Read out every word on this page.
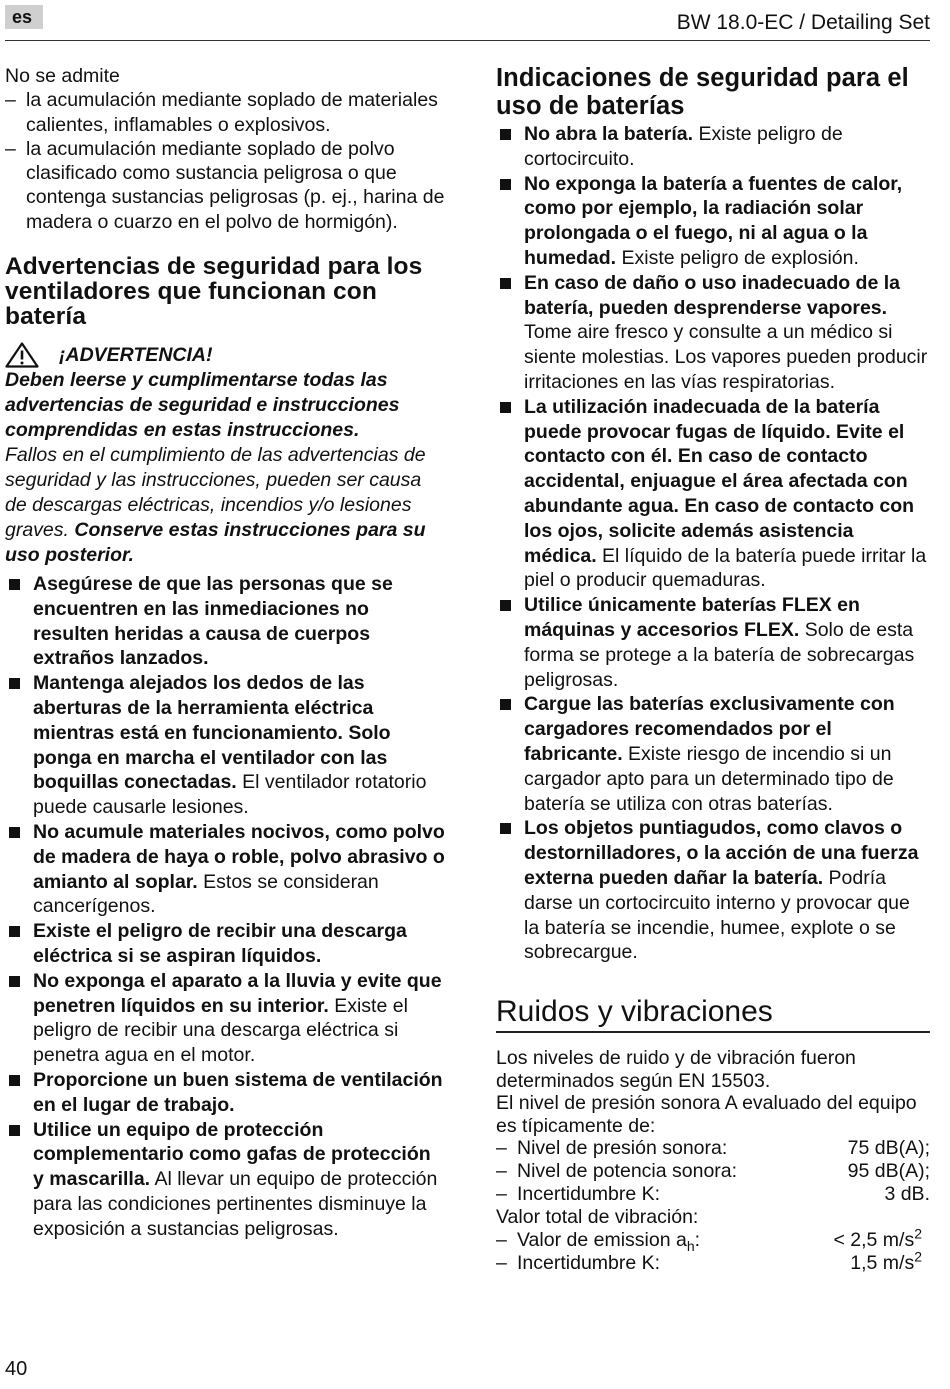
es	BW 18.0-EC / Detailing Set

No se admite

– la acumulación mediante soplado de materiales calientes, inflamables o explosivos.
– la acumulación mediante soplado de polvo clasificado como sustancia peligrosa o que contenga sustancias peligrosas (p. ej., harina de madera o cuarzo en el polvo de hormigón).
Advertencias de seguridad para los ventiladores que funcionan con batería
¡ADVERTENCIA!

Deben leerse y cumplimentarse todas las advertencias de seguridad e instrucciones comprendidas en estas instrucciones.

Fallos en el cumplimiento de las advertencias de seguridad y las instrucciones, pueden ser causa de descargas eléctricas, incendios y/o lesiones graves. Conserve estas instrucciones para su uso posterior.

Asegúrese de que las personas que se encuentren en las inmediaciones no resulten heridas a causa de cuerpos extraños lanzados.
Mantenga alejados los dedos de las aberturas de la herramienta eléctrica mientras está en funcionamiento. Solo ponga en marcha el ventilador con las boquillas conectadas. El ventilador rotatorio puede causarle lesiones.
No acumule materiales nocivos, como polvo de madera de haya o roble, polvo abrasivo o amianto al soplar. Estos se consideran cancerígenos.
Existe el peligro de recibir una descarga eléctrica si se aspiran líquidos.
No exponga el aparato a la lluvia y evite que penetren líquidos en su interior. Existe el peligro de recibir una descarga eléctrica si penetra agua en el motor.
Proporcione un buen sistema de ventilación en el lugar de trabajo.
Utilice un equipo de protección complementario como gafas de protección y mascarilla. Al llevar un equipo de protección para las condiciones pertinentes disminuye la exposición a sustancias peligrosas.
Indicaciones de seguridad para el uso de baterías
No abra la batería. Existe peligro de cortocircuito.
No exponga la batería a fuentes de calor, como por ejemplo, la radiación solar prolongada o el fuego, ni al agua o la humedad. Existe peligro de explosión.
En caso de daño o uso inadecuado de la batería, pueden desprenderse vapores. Tome aire fresco y consulte a un médico si siente molestias. Los vapores pueden producir irritaciones en las vías respiratorias.
La utilización inadecuada de la batería puede provocar fugas de líquido. Evite el contacto con él. En caso de contacto accidental, enjuague el área afectada con abundante agua. En caso de contacto con los ojos, solicite además asistencia médica. El líquido de la batería puede irritar la piel o producir quemaduras.
Utilice únicamente baterías FLEX en máquinas y accesorios FLEX. Solo de esta forma se protege a la batería de sobrecargas peligrosas.
Cargue las baterías exclusivamente con cargadores recomendados por el fabricante. Existe riesgo de incendio si un cargador apto para un determinado tipo de batería se utiliza con otras baterías.
Los objetos puntiagudos, como clavos o destornilladores, o la acción de una fuerza externa pueden dañar la batería. Podría darse un cortocircuito interno y provocar que la batería se incendie, humee, explote o se sobrecargue.
Ruidos y vibraciones

Los niveles de ruido y de vibración fueron determinados según EN 15503.

El nivel de presión sonora A evaluado del equipo es típicamente de:

– Nivel de presión sonora:	75 dB(A);
– Nivel de potencia sonora:	95 dB(A);
– Incertidumbre K:	3 dB.

Valor total de vibración:

– Valor de emission $a_h$:	< 2,5 $m/s^2$
– Incertidumbre K:	1,5 $m/s^2$
40
